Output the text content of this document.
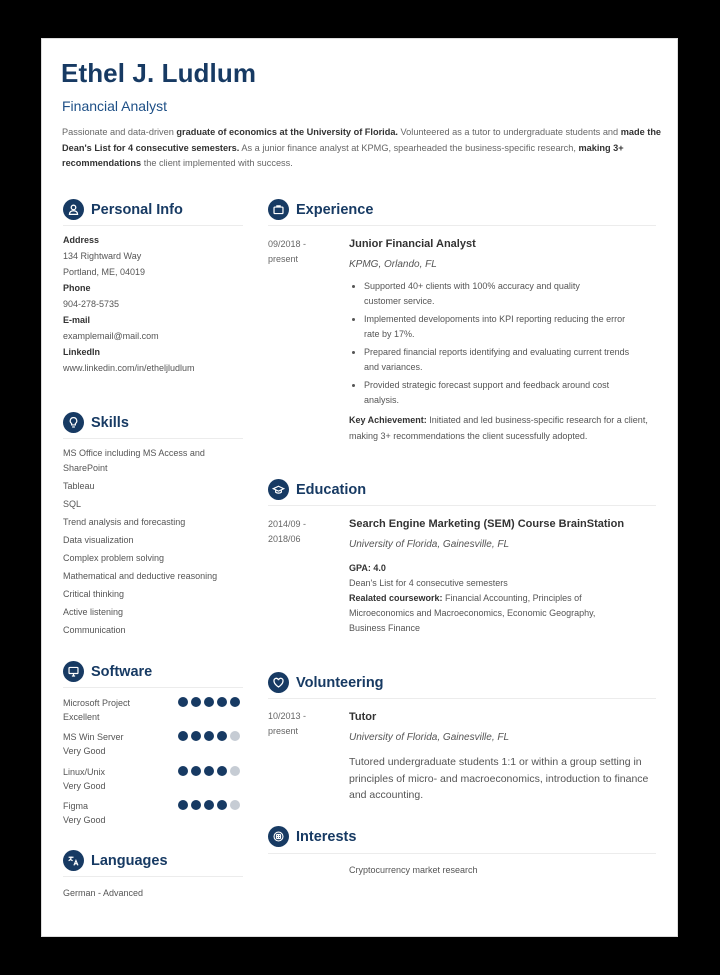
Ethel J. Ludlum
Financial Analyst
Passionate and data-driven graduate of economics at the University of Florida. Volunteered as a tutor to undergraduate students and made the Dean's List for 4 consecutive semesters. As a junior finance analyst at KPMG, spearheaded the business-specific research, making 3+ recommendations the client implemented with success.
Personal Info
Address
134 Rightward Way
Portland, ME, 04019
Phone
904-278-5735
E-mail
examplemail@mail.com
LinkedIn
www.linkedin.com/in/etheljludlum
Skills
MS Office including MS Access and SharePoint
Tableau
SQL
Trend analysis and forecasting
Data visualization
Complex problem solving
Mathematical and deductive reasoning
Critical thinking
Active listening
Communication
Software
Microsoft Project
Excellent
MS Win Server
Very Good
Linux/Unix
Very Good
Figma
Very Good
Languages
German - Advanced
Experience
09/2018 -
present
Junior Financial Analyst
KPMG, Orlando, FL
• Supported 40+ clients with 100% accuracy and quality customer service.
• Implemented developoments into KPI reporting reducing the error rate by 17%.
• Prepared financial reports identifying and evaluating current trends and variances.
• Provided strategic forecast support and feedback around cost analysis.
Key Achievement: Initiated and led business-specific research for a client, making 3+ recommendations the client sucessfully adopted.
Education
2014/09 -
2018/06
Search Engine Marketing (SEM) Course BrainStation
University of Florida, Gainesville, FL
GPA: 4.0
Dean's List for 4 consecutive semesters
Realated coursework: Financial Accounting, Principles of Microeconomics and Macroeconomics, Economic Geography, Business Finance
Volunteering
10/2013 -
present
Tutor
University of Florida, Gainesville, FL
Tutored undergraduate students 1:1 or within a group setting in principles of micro- and macroeconomics, introduction to finance and accounting.
Interests
Cryptocurrency market research
